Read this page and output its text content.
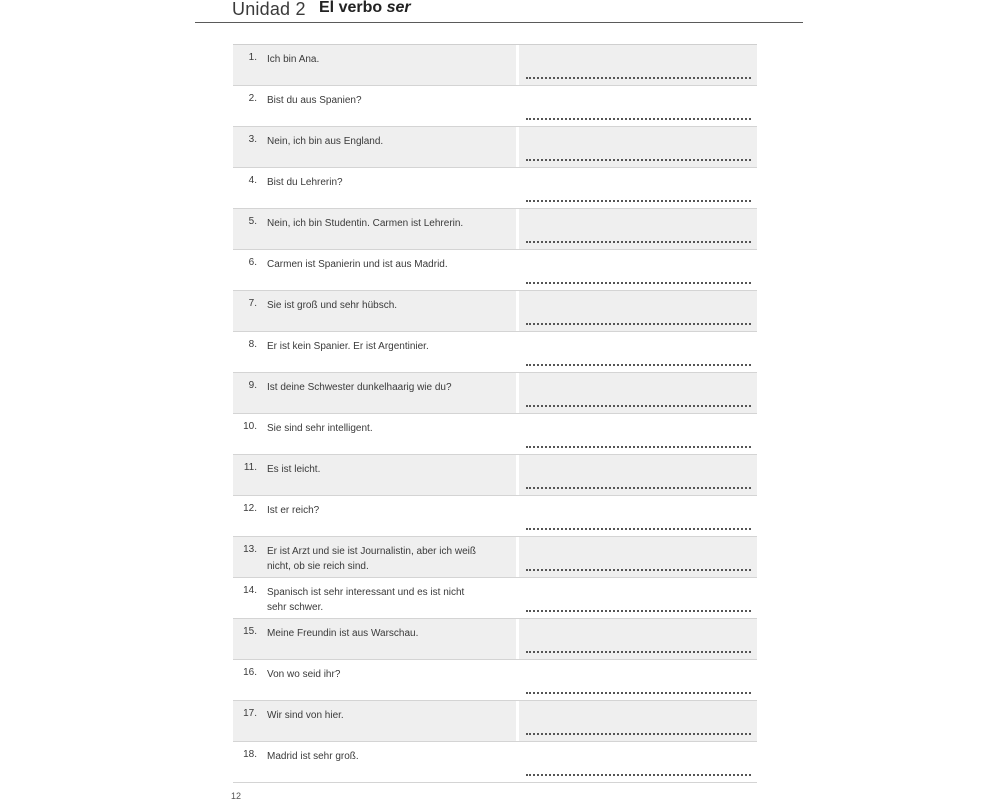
Unidad 2 El verbo ser
1. Ich bin Ana.
2. Bist du aus Spanien?
3. Nein, ich bin aus England.
4. Bist du Lehrerin?
5. Nein, ich bin Studentin. Carmen ist Lehrerin.
6. Carmen ist Spanierin und ist aus Madrid.
7. Sie ist groß und sehr hübsch.
8. Er ist kein Spanier. Er ist Argentinier.
9. Ist deine Schwester dunkelhaarig wie du?
10. Sie sind sehr intelligent.
11. Es ist leicht.
12. Ist er reich?
13. Er ist Arzt und sie ist Journalistin, aber ich weiß nicht, ob sie reich sind.
14. Spanisch ist sehr interessant und es ist nicht sehr schwer.
15. Meine Freundin ist aus Warschau.
16. Von wo seid ihr?
17. Wir sind von hier.
18. Madrid ist sehr groß.
12
